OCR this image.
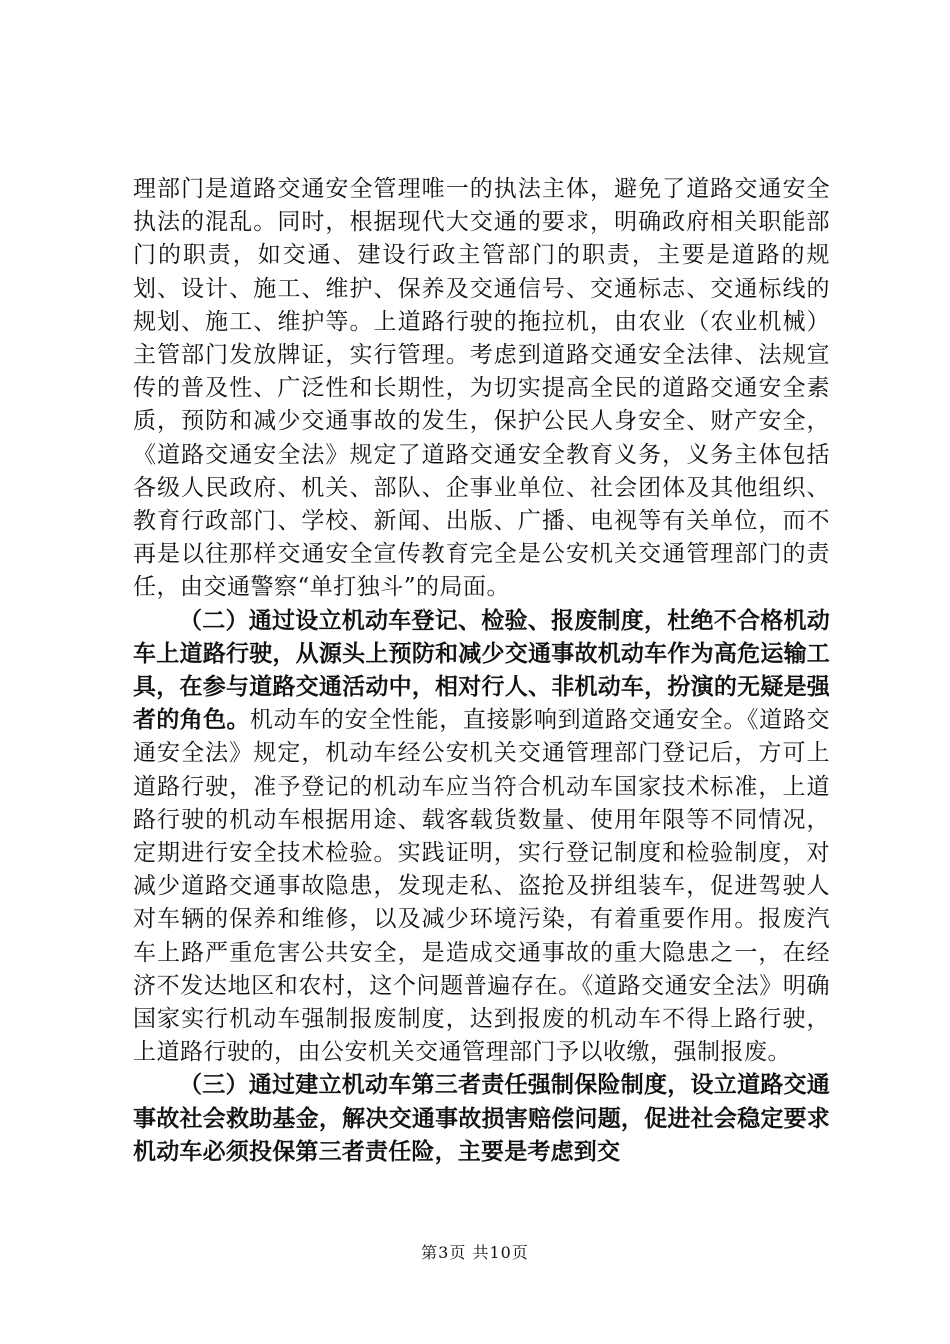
理部门是道路交通安全管理唯一的执法主体，避免了道路交通安全执法的混乱。同时，根据现代大交通的要求，明确政府相关职能部门的职责，如交通、建设行政主管部门的职责，主要是道路的规划、设计、施工、维护、保养及交通信号、交通标志、交通标线的规划、施工、维护等。上道路行驶的拖拉机，由农业（农业机械）主管部门发放牌证，实行管理。考虑到道路交通安全法律、法规宣传的普及性、广泛性和长期性，为切实提高全民的道路交通安全素质，预防和减少交通事故的发生，保护公民人身安全、财产安全，《道路交通安全法》规定了道路交通安全教育义务，义务主体包括各级人民政府、机关、部队、企事业单位、社会团体及其他组织、教育行政部门、学校、新闻、出版、广播、电视等有关单位，而不再是以往那样交通安全宣传教育完全是公安机关交通管理部门的责任，由交通警察“单打独斗”的局面。

（二）通过设立机动车登记、检验、报废制度，杜绝不合格机动车上道路行驶，从源头上预防和减少交通事故机动车作为高危运输工具，在参与道路交通活动中，相对行人、非机动车，扮演的无疑是强者的角色。机动车的安全性能，直接影响到道路交通安全。《道路交通安全法》规定，机动车经公安机关交通管理部门登记后，方可上道路行驶，准予登记的机动车应当符合机动车国家技术标准，上道路行驶的机动车根据用途、载客载货数量、使用年限等不同情况，定期进行安全技术检验。实践证明，实行登记制度和检验制度，对减少道路交通事故隐患，发现走私、盗抢及拼组装车，促进驾驶人对车辆的保养和维修，以及减少环境污染，有着重要作用。报废汽车上路严重危害公共安全，是造成交通事故的重大隐患之一，在经济不发达地区和农村，这个问题普遍存在。《道路交通安全法》明确国家实行机动车强制报废制度，达到报废的机动车不得上路行驶，上道路行驶的，由公安机关交通管理部门予以收缴，强制报废。

（三）通过建立机动车第三者责任强制保险制度，设立道路交通事故社会救助基金，解决交通事故损害赔偿问题，促进社会稳定要求机动车必须投保第三者责任险，主要是考虑到交

第3页 共10页
